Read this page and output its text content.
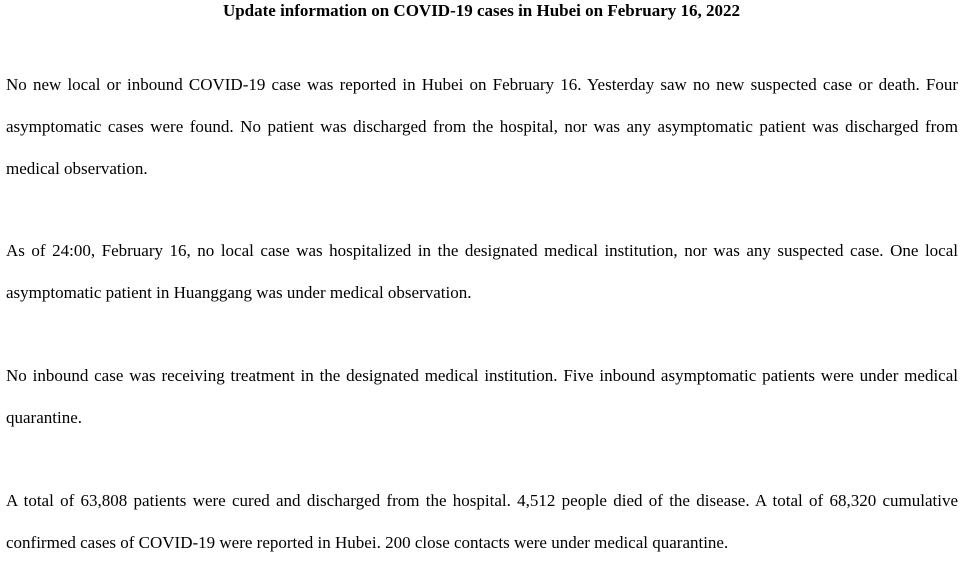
Update information on COVID-19 cases in Hubei on February 16, 2022

No new local or inbound COVID-19 case was reported in Hubei on February 16. Yesterday saw no new suspected case or death. Four asymptomatic cases were found. No patient was discharged from the hospital, nor was any asymptomatic patient was discharged from medical observation.

As of 24:00, February 16, no local case was hospitalized in the designated medical institution, nor was any suspected case. One local asymptomatic patient in Huanggang was under medical observation.

No inbound case was receiving treatment in the designated medical institution. Five inbound asymptomatic patients were under medical quarantine.

A total of 63,808 patients were cured and discharged from the hospital. 4,512 people died of the disease. A total of 68,320 cumulative confirmed cases of COVID-19 were reported in Hubei. 200 close contacts were under medical quarantine.
